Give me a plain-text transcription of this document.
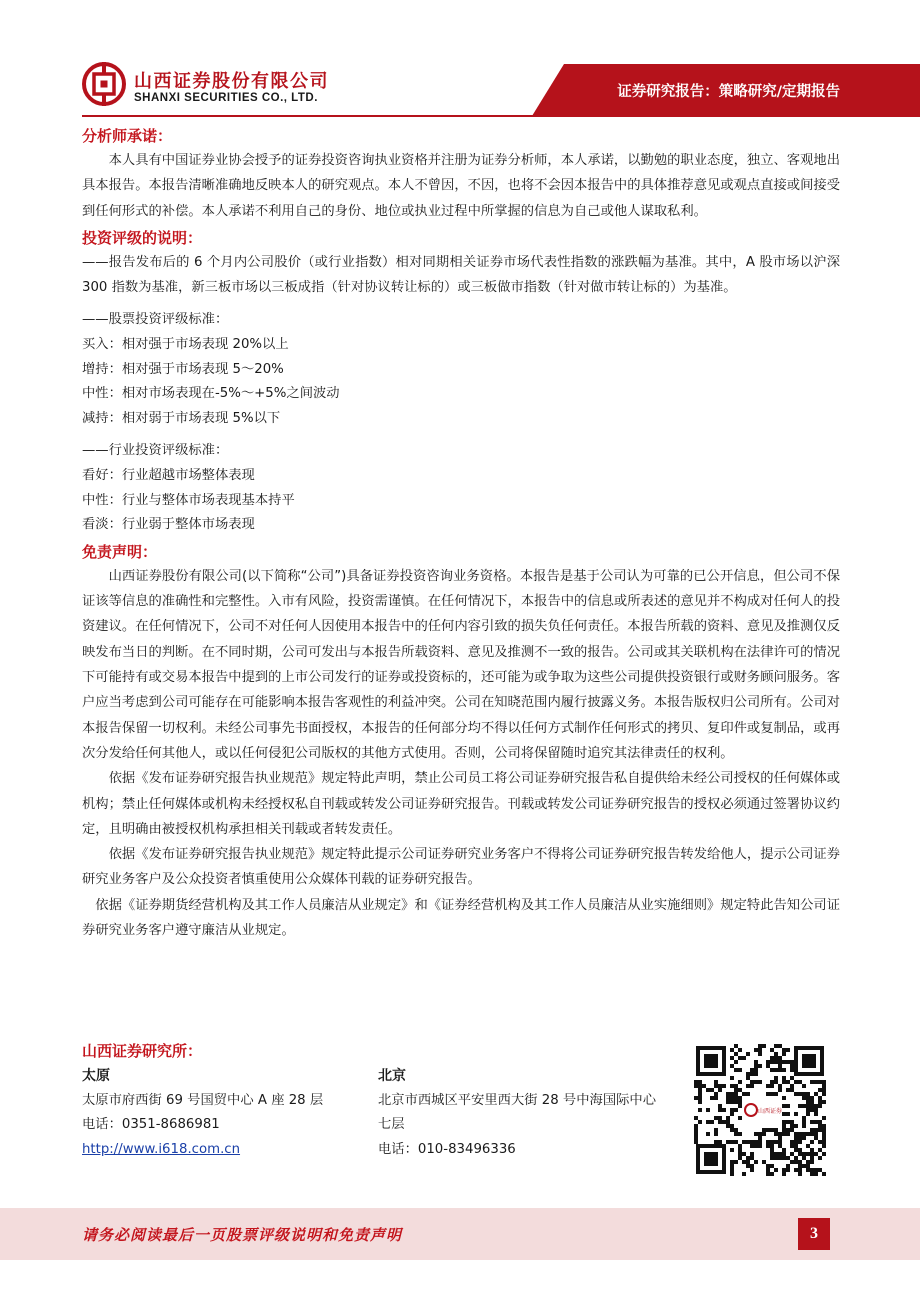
山西证券股份有限公司
SHANXI SECURITIES CO., LTD.	证券研究报告：策略研究/定期报告
分析师承诺：

本人具有中国证券业协会授予的证券投资咨询执业资格并注册为证券分析师，本人承诺，以勤勉的职业态度，独立、客观地出具本报告。本报告清晰准确地反映本人的研究观点。本人不曾因，不因，也将不会因本报告中的具体推荐意见或观点直接或间接受到任何形式的补偿。本人承诺不利用自己的身份、地位或执业过程中所掌握的信息为自己或他人谋取私利。

投资评级的说明：

——报告发布后的 6 个月内公司股价（或行业指数）相对同期相关证券市场代表性指数的涨跌幅为基准。其中，A 股市场以沪深 300 指数为基准，新三板市场以三板成指（针对协议转让标的）或三板做市指数（针对做市转让标的）为基准。

——股票投资评级标准：
买入：相对强于市场表现 20%以上
增持：相对强于市场表现 5～20%
中性：相对市场表现在-5%～+5%之间波动
减持：相对弱于市场表现 5%以下
——行业投资评级标准：
看好：行业超越市场整体表现
中性：行业与整体市场表现基本持平
看淡：行业弱于整体市场表现
免责声明：

山西证券股份有限公司(以下简称“公司”)具备证券投资咨询业务资格。本报告是基于公司认为可靠的已公开信息，但公司不保证该等信息的准确性和完整性。入市有风险，投资需谨慎。在任何情况下，本报告中的信息或所表述的意见并不构成对任何人的投资建议。在任何情况下，公司不对任何人因使用本报告中的任何内容引致的损失负任何责任。本报告所载的资料、意见及推测仅反映发布当日的判断。在不同时期，公司可发出与本报告所载资料、意见及推测不一致的报告。公司或其关联机构在法律许可的情况下可能持有或交易本报告中提到的上市公司发行的证券或投资标的，还可能为或争取为这些公司提供投资银行或财务顾问服务。客户应当考虑到公司可能存在可能影响本报告客观性的利益冲突。公司在知晓范围内履行披露义务。本报告版权归公司所有。公司对本报告保留一切权利。未经公司事先书面授权，本报告的任何部分均不得以任何方式制作任何形式的拷贝、复印件或复制品，或再次分发给任何其他人，或以任何侵犯公司版权的其他方式使用。否则，公司将保留随时追究其法律责任的权利。

依据《发布证券研究报告执业规范》规定特此声明，禁止公司员工将公司证券研究报告私自提供给未经公司授权的任何媒体或机构；禁止任何媒体或机构未经授权私自刊载或转发公司证券研究报告。刊载或转发公司证券研究报告的授权必须通过签署协议约定，且明确由被授权机构承担相关刊载或者转发责任。

依据《发布证券研究报告执业规范》规定特此提示公司证券研究业务客户不得将公司证券研究报告转发给他人，提示公司证券研究业务客户及公众投资者慎重使用公众媒体刊载的证券研究报告。

依据《证券期货经营机构及其工作人员廉洁从业规定》和《证券经营机构及其工作人员廉洁从业实施细则》规定特此告知公司证券研究业务客户遵守廉洁从业规定。

山西证券研究所：
太原
太原市府西街 69 号国贸中心 A 座 28 层
电话：0351-8686981
http://www.i618.com.cn
北京
北京市西城区平安里西大街 28 号中海国际中心七层
电话：010-83496336
山西证券
请务必阅读最后一页股票评级说明和免责声明	3
